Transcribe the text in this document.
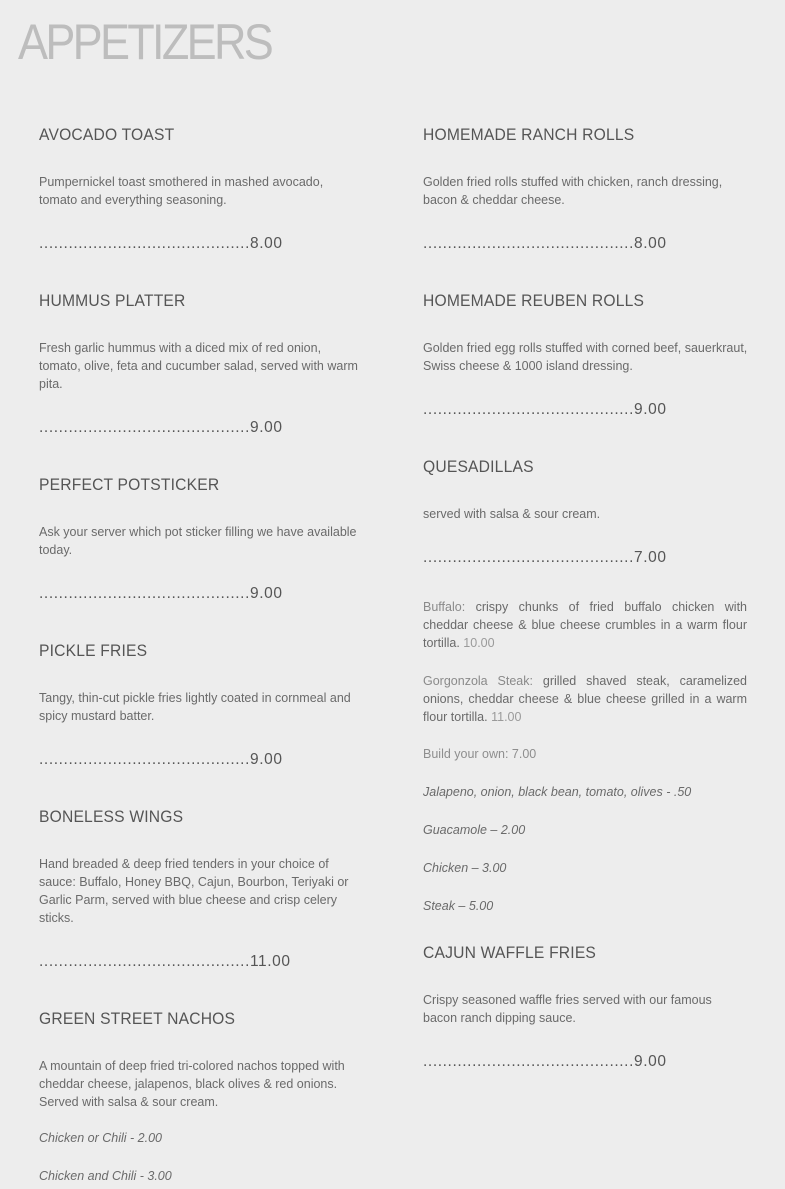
APPETIZERS
AVOCADO TOAST
Pumpernickel toast smothered in mashed avocado, tomato and everything seasoning.
...........................................8.00
HUMMUS PLATTER
Fresh garlic hummus with a diced mix of red onion, tomato, olive, feta and cucumber salad, served with warm pita.
...........................................9.00
PERFECT POTSTICKER
Ask your server which pot sticker filling we have available today.
...........................................9.00
PICKLE FRIES
Tangy, thin-cut pickle fries lightly coated in cornmeal and spicy mustard batter.
...........................................9.00
BONELESS WINGS
Hand breaded & deep fried tenders in your choice of sauce: Buffalo, Honey BBQ, Cajun, Bourbon, Teriyaki or Garlic Parm, served with blue cheese and crisp celery sticks.
...........................................11.00
GREEN STREET NACHOS
A mountain of deep fried tri-colored nachos topped with cheddar cheese, jalapenos, black olives & red onions. Served with salsa & sour cream.
Chicken or Chili - 2.00
Chicken and Chili - 3.00
HOMEMADE RANCH ROLLS
Golden fried rolls stuffed with chicken, ranch dressing, bacon & cheddar cheese.
...........................................8.00
HOMEMADE REUBEN ROLLS
Golden fried egg rolls stuffed with corned beef, sauerkraut, Swiss cheese & 1000 island dressing.
...........................................9.00
QUESADILLAS
served with salsa & sour cream.
...........................................7.00
Buffalo: crispy chunks of fried buffalo chicken with cheddar cheese & blue cheese crumbles in a warm flour tortilla. 10.00
Gorgonzola Steak: grilled shaved steak, caramelized onions, cheddar cheese & blue cheese grilled in a warm flour tortilla. 11.00
Build your own: 7.00
Jalapeno, onion, black bean, tomato, olives - .50
Guacamole – 2.00
Chicken – 3.00
Steak – 5.00
CAJUN WAFFLE FRIES
Crispy seasoned waffle fries served with our famous bacon ranch dipping sauce.
...........................................9.00
